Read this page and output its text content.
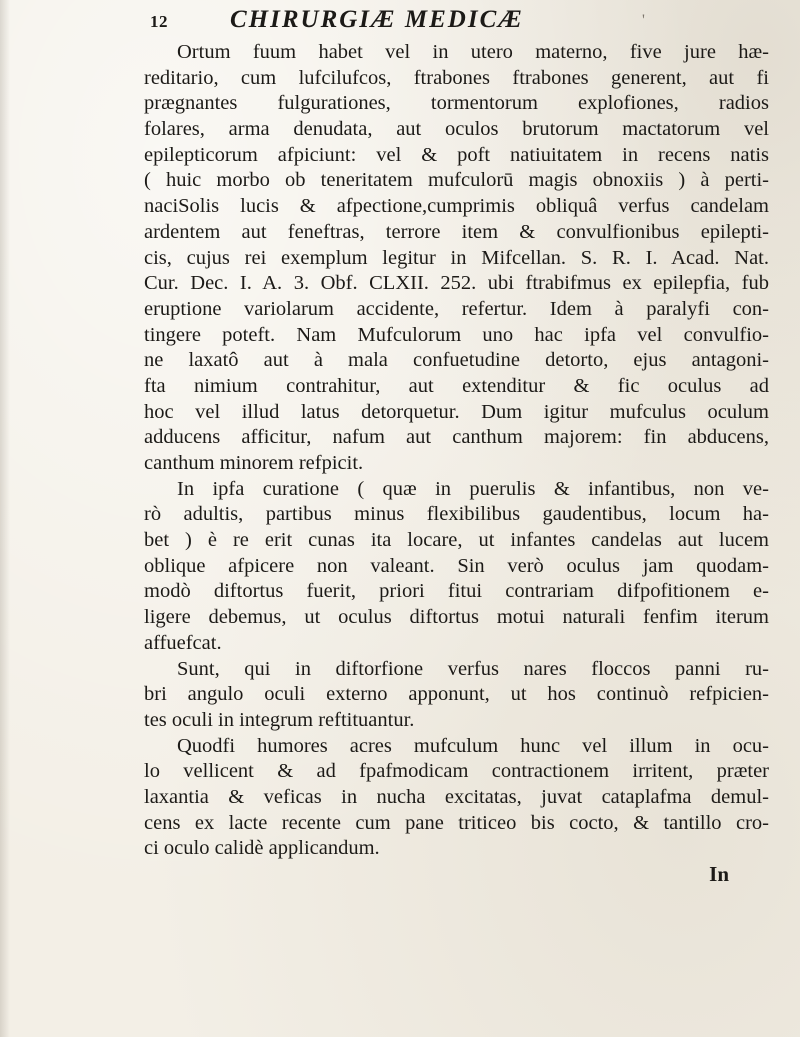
12 CHIRURGIÆ MEDICÆ	'
Ortum fuum habet vel in utero materno, five jure hæ-
reditario, cum lufcilufcos, ftrabones ftrabones generent, aut fi
prægnantes fulgurationes, tormentorum explofiones, radios
folares, arma denudata, aut oculos brutorum mactatorum vel
epilepticorum afpiciunt: vel & poft natiuitatem in recens natis
( huic morbo ob teneritatem mufculorū magis obnoxiis ) à perti-
naciSolis lucis & afpectione,cumprimis obliquâ verfus candelam
ardentem aut feneftras, terrore item & convulfionibus epilepti-
cis, cujus rei exemplum legitur in Mifcellan. S. R. I. Acad. Nat.
Cur. Dec. I. A. 3. Obf. CLXII. 252. ubi ftrabifmus ex epilepfia, fub
eruptione variolarum accidente, refertur. Idem à paralyfi con-
tingere poteft. Nam Mufculorum uno hac ipfa vel convulfio-
ne laxatô aut à mala confuetudine detorto, ejus antagoni-
fta nimium contrahitur, aut extenditur & fic oculus ad
hoc vel illud latus detorquetur. Dum igitur mufculus oculum
adducens afficitur, nafum aut canthum majorem: fin abducens,
canthum minorem refpicit.
In ipfa curatione ( quæ in puerulis & infantibus, non ve-
rò adultis, partibus minus flexibilibus gaudentibus, locum ha-
bet ) è re erit cunas ita locare, ut infantes candelas aut lucem
oblique afpicere non valeant. Sin verò oculus jam quodam-
modò diftortus fuerit, priori fitui contrariam difpofitionem e-
ligere debemus, ut oculus diftortus motui naturali fenfim iterum
affuefcat.
Sunt, qui in diftorfione verfus nares floccos panni ru-
bri angulo oculi externo apponunt, ut hos continuò refpicien-
tes oculi in integrum reftituantur.
Quodfi humores acres mufculum hunc vel illum in ocu-
lo vellicent & ad fpafmodicam contractionem irritent, præter
laxantia & veficas in nucha excitatas, juvat cataplafma demul-
cens ex lacte recente cum pane triticeo bis cocto, & tantillo cro-
ci oculo calidè applicandum.
In
